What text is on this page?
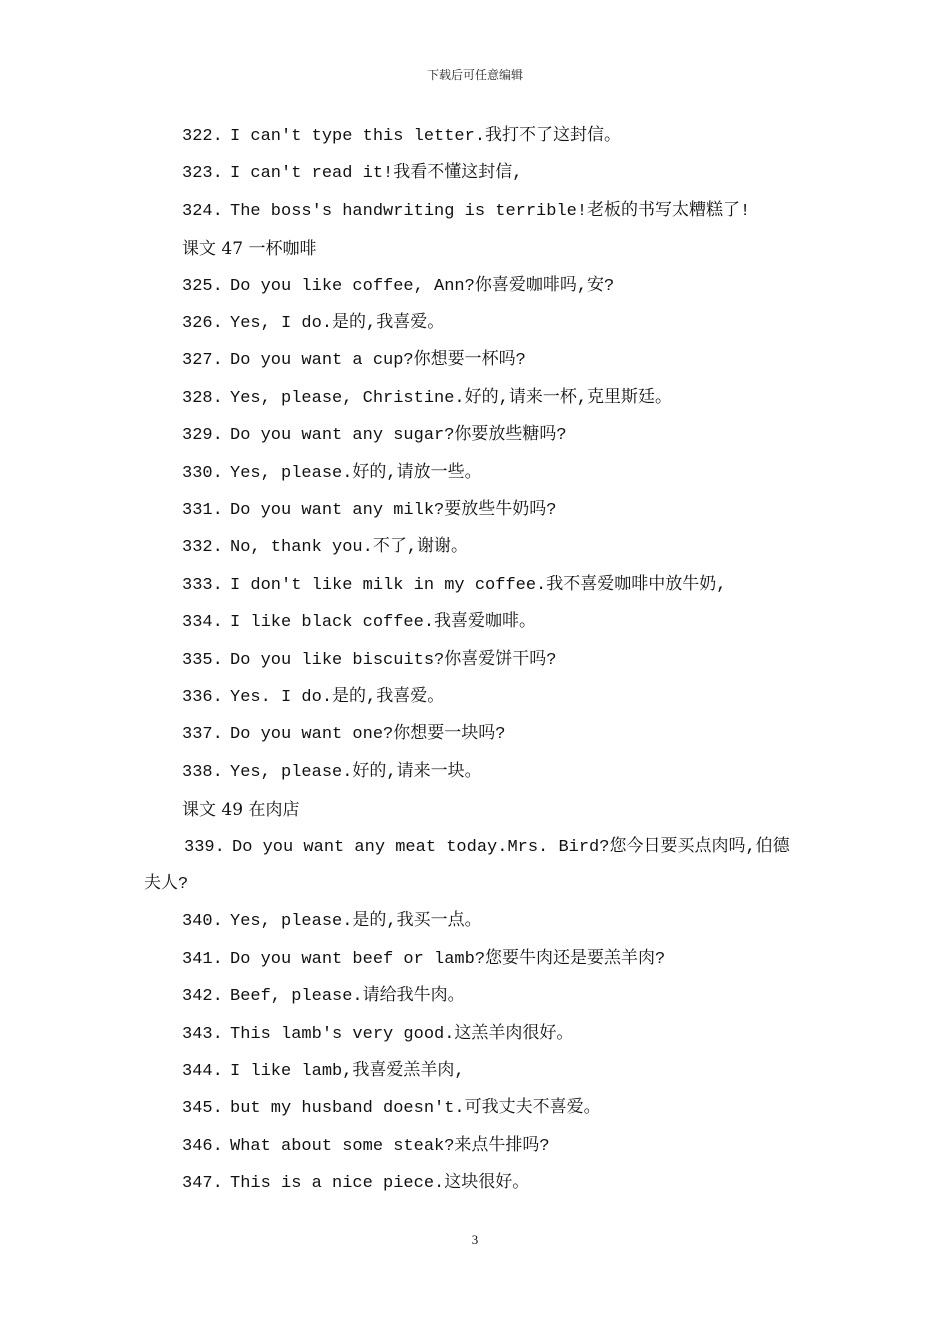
下载后可任意编辑
322. I can't type this letter.我打不了这封信。
323. I can't read it!我看不懂这封信,
324. The boss's handwriting is terrible!老板的书写太糟糕了!
课文 47 一杯咖啡
325. Do you like coffee, Ann?你喜爱咖啡吗,安?
326. Yes, I do.是的,我喜爱。
327. Do you want a cup?你想要一杯吗?
328. Yes, please, Christine.好的,请来一杯,克里斯廷。
329. Do you want any sugar?你要放些糖吗?
330. Yes, please.好的,请放一些。
331. Do you want any milk?要放些牛奶吗?
332. No, thank you.不了,谢谢。
333. I don't like milk in my coffee.我不喜爱咖啡中放牛奶,
334. I like black coffee.我喜爱咖啡。
335. Do you like biscuits?你喜爱饼干吗?
336. Yes. I do.是的,我喜爱。
337. Do you want one?你想要一块吗?
338. Yes, please.好的,请来一块。
课文 49 在肉店
339. Do you want any meat today.Mrs. Bird?您今日要买点肉吗,伯德
夫人?
340. Yes, please.是的,我买一点。
341. Do you want beef or lamb?您要牛肉还是要羔羊肉?
342. Beef, please.请给我牛肉。
343. This lamb's very good.这羔羊肉很好。
344. I like lamb,我喜爱羔羊肉,
345. but my husband doesn't.可我丈夫不喜爱。
346. What about some steak?来点牛排吗?
347. This is a nice piece.这块很好。
3
